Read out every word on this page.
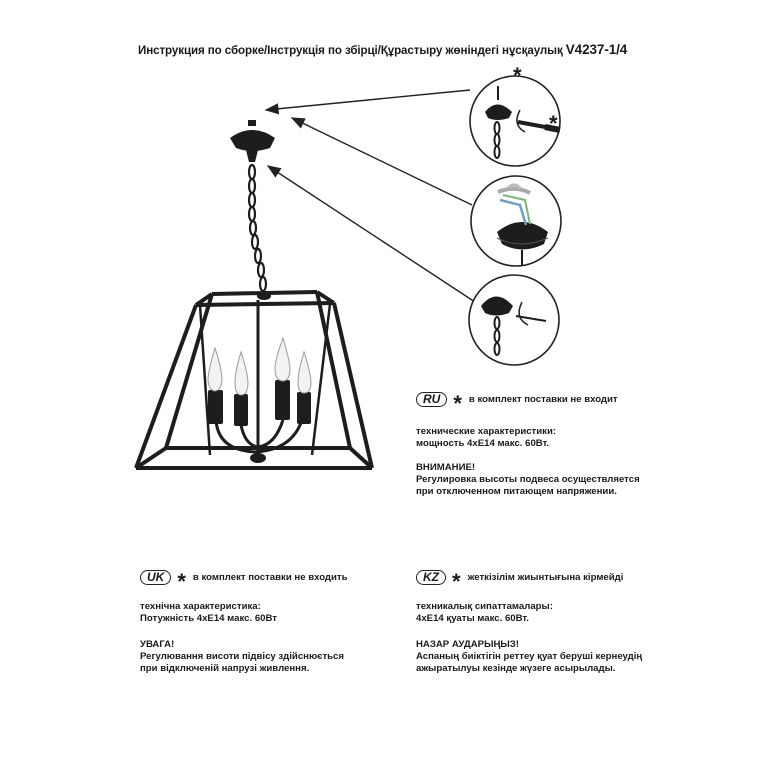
Инструкция по сборке/Інструкція по збірці/Құрастыру жөніндегі нұсқаулық V4237-1/4
*
*
RU * в комплект поставки не входит
технические характеристики:
мощность 4хЕ14 макс. 60Вт.
ВНИМАНИЕ!
Регулировка высоты подвеса осуществляется
при отключенном питающем напряжении.
UK * в комплект поставки не входить
технічна характеристика:
Потужність 4хЕ14 макс. 60Вт
УВАГА!
Регулювання висоти підвісу здійснюється
при відключеній напрузі живлення.
KZ * жеткізілім жиынтығына кірмейді
техникалық сипаттамалары:
4хЕ14 қуаты макс. 60Вт.
НАЗАР АУДАРЫҢЫЗ!
Аспаның биіктігін реттеу қуат беруші кернеудің
ажыратылуы кезінде жүзеге асырылады.
